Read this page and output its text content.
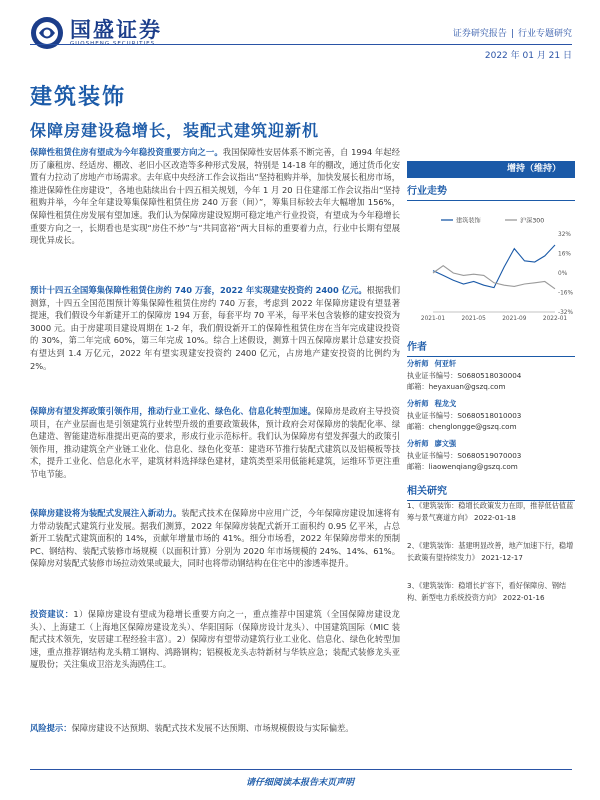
国盛证券	证券研究报告 | 行业专题研究
2022 年 01 月 21 日
建筑装饰
保障房建设稳增长，装配式建筑迎新机
保障性租赁住房有望成为今年稳投资重要方向之一。我国保障性安居体系不断完善，自 1994 年起经历了廉租房、经适房、棚改、老旧小区改造等多种形式发展，特别是 14-18 年的棚改，通过货币化安置有力拉动了房地产市场需求。去年底中央经济工作会议指出“坚持租购并举，加快发展长租房市场，推进保障性住房建设”，各地也陆续出台十四五相关规划，今年 1 月 20 日住建部工作会议指出“坚持租购并举，今年全年建设筹集保障性租赁住房 240 万套（间）”，筹集目标较去年大幅增加 156%，保障性租赁住房发展有望加速。我们认为保障房建设短期可稳定地产行业投资，有望成为今年稳增长重要方向之一，长期看也是实现“房住不炒”与“共同富裕”两大目标的重要着力点，行业中长期有望展现优异成长。
预计十四五全国筹集保障性租赁住房约 740 万套，2022 年实现建安投资约 2400 亿元。根据我们测算，十四五全国范围预计筹集保障性租赁住房约 740 万套，考虑到 2022 年保障房建设有望显著提速，我们假设今年新建开工的保障房 194 万套，每套平均 70 平米，每平米包含装修的建安投资为 3000 元。由于房建项目建设周期在 1-2 年，我们假设新开工的保障性租赁住房在当年完成建设投资的 30%，第二年完成 60%，第三年完成 10%。综合上述假设，测算十四五保障房累计总建安投资有望达到 1.4 万亿元，2022 年有望实现建安投资约 2400 亿元，占房地产建安投资的比例约为 2%。
保障房有望发挥政策引领作用，推动行业工业化、绿色化、信息化转型加速。保障房是政府主导投资项目，在产业层面也是引领建筑行业转型升级的重要政策载体，预计政府会对保障房的装配化率、绿色建造、智能建造标准提出更高的要求，形成行业示范标杆。我们认为保障房有望发挥强大的政策引领作用，推动建筑全产业链工业化、信息化、绿色化变革：建造环节推行装配式建筑以及铝模板等技术，提升工业化、信息化水平，建筑材料选择绿色建材，建筑类型采用低能耗建筑，运维环节更注重节电节能。
保障房建设将为装配式发展注入新动力。装配式技术在保障房中应用广泛，今年保障房建设加速将有力带动装配式建筑行业发展。据我们测算，2022 年保障房装配式新开工面积约 0.95 亿平米，占总新开工装配式建筑面积的 14%，贡献年增量市场的 41%。细分市场看，2022 年保障房带来的预制 PC、钢结构、装配式装修市场规模（以面积计算）分别为 2020 年市场规模的 24%、14%、61%。保障房对装配式装修市场拉动效果或最大，同时也将带动钢结构在住宅中的渗透率提升。
投资建议：1）保障房建设有望成为稳增长重要方向之一，重点推荐中国建筑（全国保障房建设龙头）、上海建工（上海地区保障房建设龙头）、华阳国际（保障房设计龙头）、中国建筑国际（MIC 装配式技术领先，安居建工程经验丰富）。2）保障房有望带动建筑行业工业化、信息化、绿色化转型加速，重点推荐钢结构龙头精工钢构、鸿路钢构；铝模板龙头志特新材与华铁应急；装配式装修龙头亚厦股份；关注集成卫浴龙头海鸥住工。
风险提示：保障房建设不达预期、装配式技术发展不达预期、市场规模假设与实际偏差。
增持（维持）
行业走势
建筑装饰	沪深300
32%
16%
0%
-16%
-32%
2021-01	2021-05	2021-09	2022-01
作者
分析师 何亚轩
执业证书编号：S0680518030004
邮箱：heyaxuan@gszq.com
分析师 程龙戈
执业证书编号：S0680518010003
邮箱：chenglongge@gszq.com
分析师 廖文强
执业证书编号：S0680519070003
邮箱：liaowenqiang@gszq.com
相关研究
1、《建筑装饰：稳增长政策发力在即，推荐低估值蓝筹与景气赛道方向》 2022-01-18
2、《建筑装饰：基建明显改善，地产加速下行，稳增长政策有望持续发力》 2021-12-17
3、《建筑装饰：稳增长扩容下，看好保障房、钢结构、新型电力系统投资方向》 2022-01-16
请仔细阅读本报告末页声明
